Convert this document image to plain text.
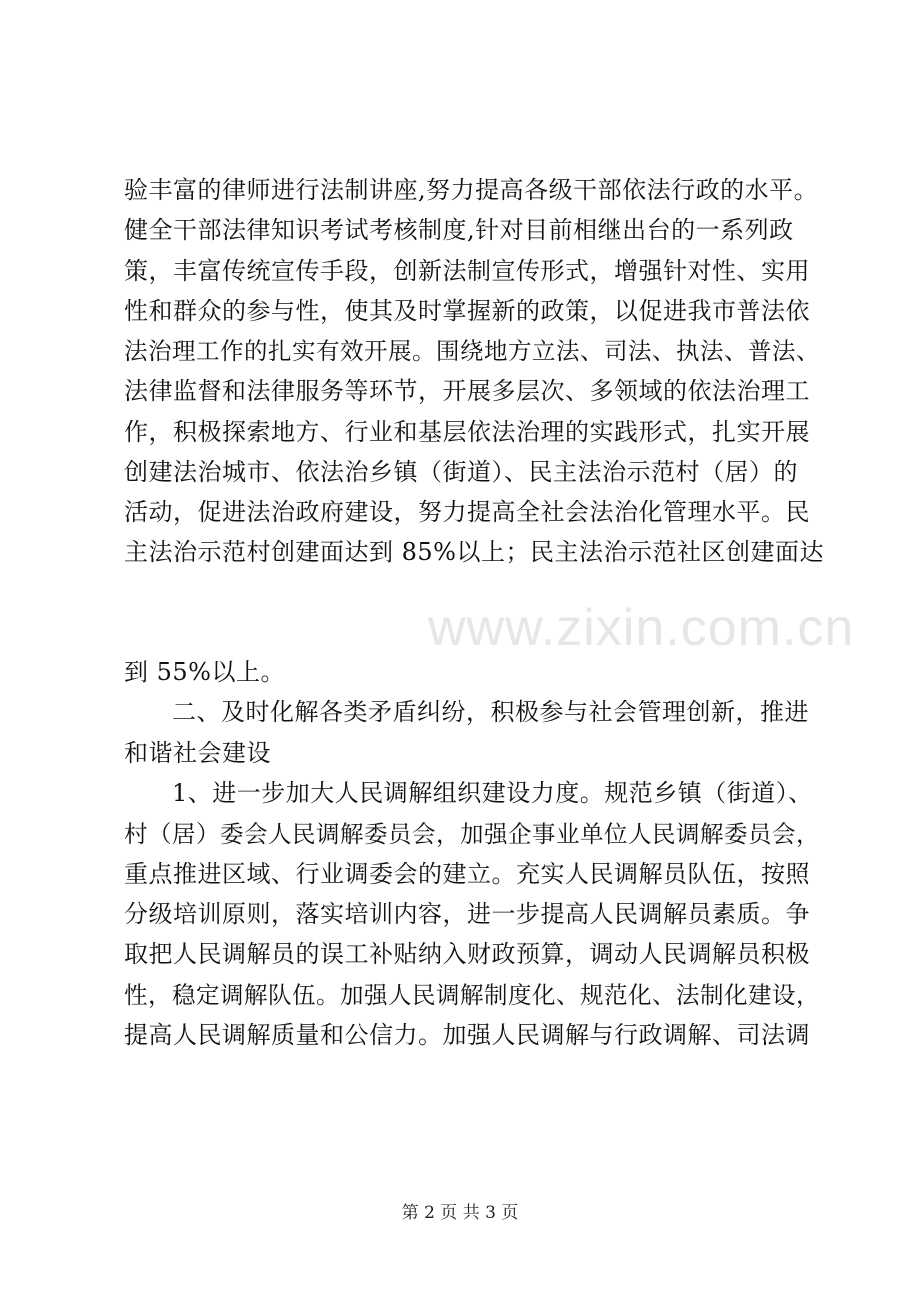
验丰富的律师进行法制讲座,努力提高各级干部依法行政的水平。
健全干部法律知识考试考核制度,针对目前相继出台的一系列政
策，丰富传统宣传手段，创新法制宣传形式，增强针对性、实用
性和群众的参与性，使其及时掌握新的政策，以促进我市普法依
法治理工作的扎实有效开展。围绕地方立法、司法、执法、普法、
法律监督和法律服务等环节，开展多层次、多领域的依法治理工
作，积极探索地方、行业和基层依法治理的实践形式，扎实开展
创建法治城市、依法治乡镇（街道）、民主法治示范村（居）的
活动，促进法治政府建设，努力提高全社会法治化管理水平。民
主法治示范村创建面达到 85%以上；民主法治示范社区创建面达
www.zixin.com.cn
到 55%以上。
二、及时化解各类矛盾纠纷，积极参与社会管理创新，推进
和谐社会建设
1、进一步加大人民调解组织建设力度。规范乡镇（街道）、
村（居）委会人民调解委员会，加强企事业单位人民调解委员会，
重点推进区域、行业调委会的建立。充实人民调解员队伍，按照
分级培训原则，落实培训内容，进一步提高人民调解员素质。争
取把人民调解员的误工补贴纳入财政预算，调动人民调解员积极
性，稳定调解队伍。加强人民调解制度化、规范化、法制化建设，
提高人民调解质量和公信力。加强人民调解与行政调解、司法调
第 2 页 共 3 页
